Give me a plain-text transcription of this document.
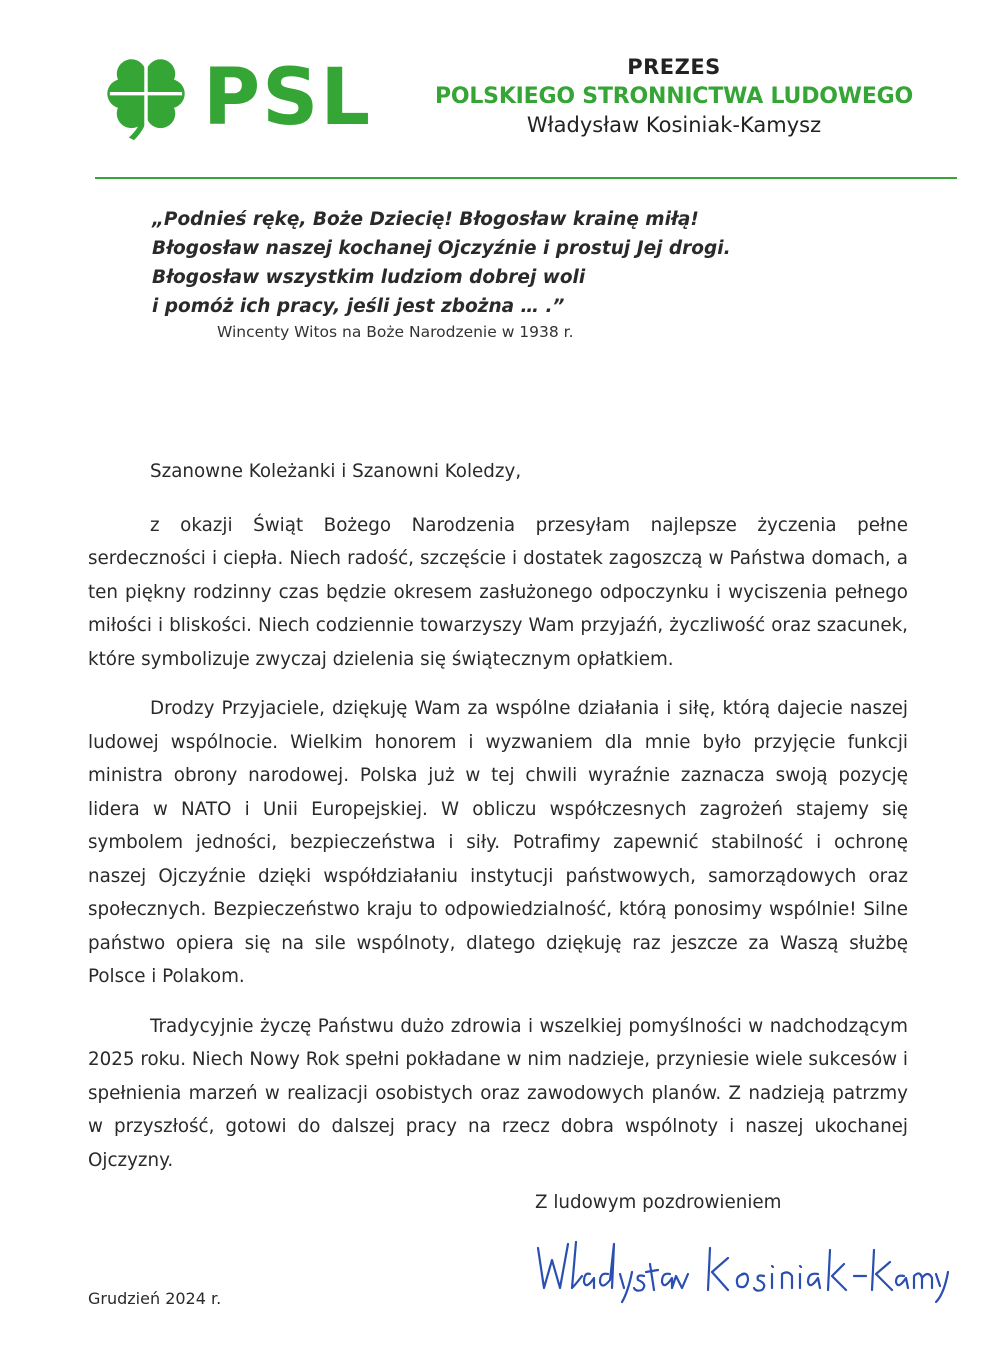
PSL	PREZES
POLSKIEGO STRONNICTWA LUDOWEGO
Władysław Kosiniak-Kamysz
„Podnieś rękę, Boże Dziecię! Błogosław krainę miłą!
Błogosław naszej kochanej Ojczyźnie i prostuj Jej drogi.
Błogosław wszystkim ludziom dobrej woli
i pomóż ich pracy, jeśli jest zbożna … .”
Wincenty Witos na Boże Narodzenie w 1938 r.
Szanowne Koleżanki i Szanowni Koledzy,
z okazji Świąt Bożego Narodzenia przesyłam najlepsze życzenia pełne serdeczności i ciepła. Niech radość, szczęście i dostatek zagoszczą w Państwa domach, a ten piękny rodzinny czas będzie okresem zasłużonego odpoczynku i wyciszenia pełnego miłości i bliskości. Niech codziennie towarzyszy Wam przyjaźń, życzliwość oraz szacunek, które symbolizuje zwyczaj dzielenia się świątecznym opłatkiem.
Drodzy Przyjaciele, dziękuję Wam za wspólne działania i siłę, którą dajecie naszej ludowej wspólnocie. Wielkim honorem i wyzwaniem dla mnie było przyjęcie funkcji ministra obrony narodowej. Polska już w tej chwili wyraźnie zaznacza swoją pozycję lidera w NATO i Unii Europejskiej. W obliczu współczesnych zagrożeń stajemy się symbolem jedności, bezpieczeństwa i siły. Potrafimy zapewnić stabilność i ochronę naszej Ojczyźnie dzięki współdziałaniu instytucji państwowych, samorządowych oraz społecznych. Bezpieczeństwo kraju to odpowiedzialność, którą ponosimy wspólnie! Silne państwo opiera się na sile wspólnoty, dlatego dziękuję raz jeszcze za Waszą służbę Polsce i Polakom.
Tradycyjnie życzę Państwu dużo zdrowia i wszelkiej pomyślności w nadchodzącym 2025 roku. Niech Nowy Rok spełni pokładane w nim nadzieje, przyniesie wiele sukcesów i spełnienia marzeń w realizacji osobistych oraz zawodowych planów. Z nadzieją patrzmy w przyszłość, gotowi do dalszej pracy na rzecz dobra wspólnoty i naszej ukochanej Ojczyzny.
Z ludowym pozdrowieniem
Grudzień 2024 r.
